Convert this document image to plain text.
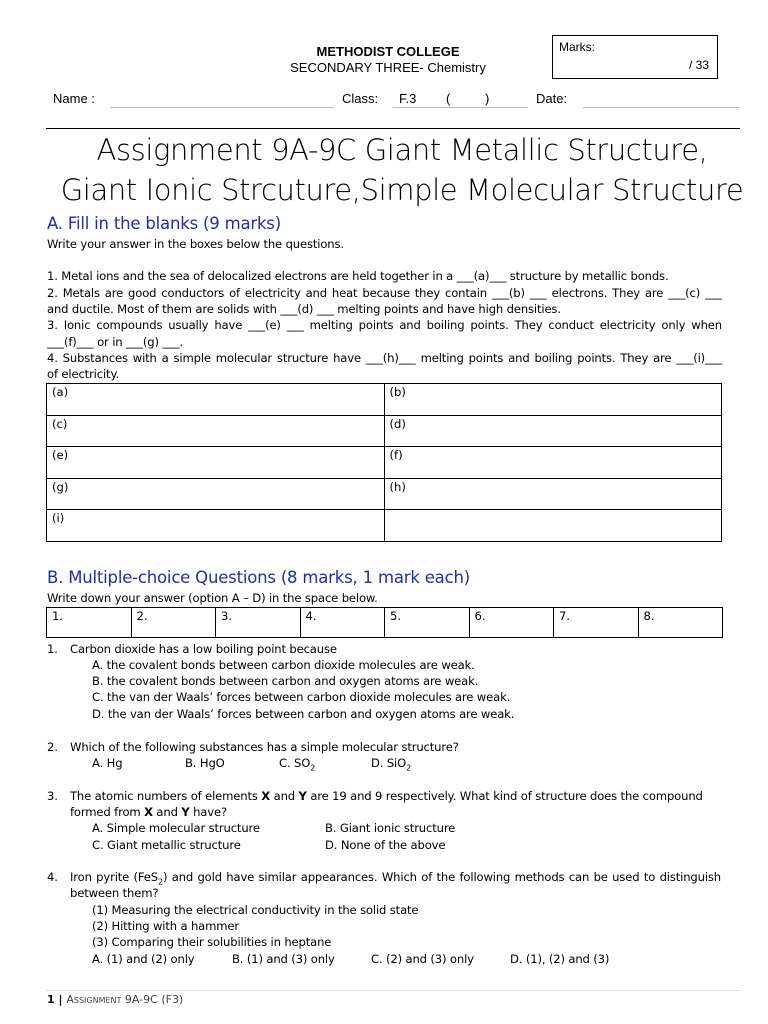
METHODIST COLLEGE
SECONDARY THREE- Chemistry
Marks:
/ 33
Name :	Class: F.3 (	)	Date:
Assignment 9A-9C Giant Metallic Structure,
Giant Ionic Strcuture,Simple Molecular Structure
A. Fill in the blanks (9 marks)
Write your answer in the boxes below the questions.
1. Metal ions and the sea of delocalized electrons are held together in a ___(a)___ structure by metallic bonds.
2. Metals are good conductors of electricity and heat because they contain ___(b) ___ electrons. They are ___(c) ___
and ductile. Most of them are solids with ___(d) ___ melting points and have high densities.
3. Ionic compounds usually have ___(e) ___ melting points and boiling points. They conduct electricity only when
___(f)___ or in ___(g) ___.
4. Substances with a simple molecular structure have ___(h)___ melting points and boiling points. They are ___(i)___
of electricity.
(a)	(b)
(c)	(d)
(e)	(f)
(g)	(h)
(i)	
B. Multiple-choice Questions (8 marks, 1 mark each)
Write down your answer (option A – D) in the space below.
1.	2.	3.	4.	5.	6.	7.	8.
1. Carbon dioxide has a low boiling point because
A. the covalent bonds between carbon dioxide molecules are weak.
B. the covalent bonds between carbon and oxygen atoms are weak.
C. the van der Waals’ forces between carbon dioxide molecules are weak.
D. the van der Waals’ forces between carbon and oxygen atoms are weak.
2. Which of the following substances has a simple molecular structure?
A. Hg	B. HgO	C. $SO_2$	D. SiO$_2$
3. The atomic numbers of elements X and Y are 19 and 9 respectively. What kind of structure does the compound
formed from X and Y have?
A. Simple molecular structure	B. Giant ionic structure
C. Giant metallic structure	D. None of the above
4. Iron pyrite (FeS$_2$) and gold have similar appearances. Which of the following methods can be used to distinguish
between them?
(1) Measuring the electrical conductivity in the solid state
(2) Hitting with a hammer
(3) Comparing their solubilities in heptane
A. (1) and (2) only	B. (1) and (3) only	C. (2) and (3) only	D. (1), (2) and (3)
1 | Assignment 9A-9C (F3)
